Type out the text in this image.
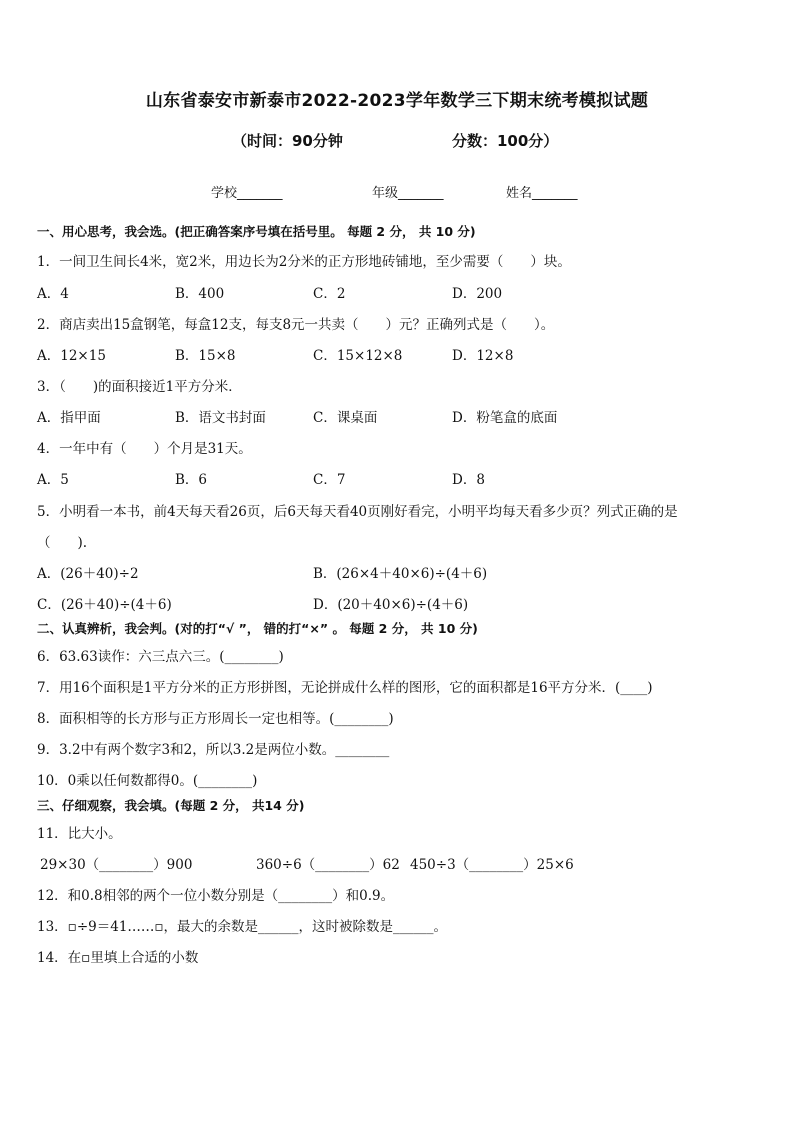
山东省泰安市新泰市2022-2023学年数学三下期末统考模拟试题
（时间：90分钟	分数：100分）
学校_______	年级_______	姓名_______
一、用心思考，我会选。(把正确答案序号填在括号里。 每题 2 分， 共 10 分)
1．一间卫生间长4米，宽2米，用边长为2分米的正方形地砖铺地，至少需要（　　）块。
A．4	B．400	C．2	D．200
2．商店卖出15盒钢笔，每盒12支，每支8元一共卖（　　）元？正确列式是（　　）。
A．12×15	B．15×8	C．15×12×8	D．12×8
3．（　　)的面积接近1平方分米．
A．指甲面	B．语文书封面	C．课桌面	D．粉笔盒的底面
4．一年中有（　　）个月是31天。
A．5	B．6	C．7	D．8
5．小明看一本书，前4天每天看26页，后6天每天看40页刚好看完，小明平均每天看多少页？列式正确的是
（　　).
A．(26＋40)÷2	B．(26×4＋40×6)÷(4＋6)
C．(26＋40)÷(4＋6)	D．(20＋40×6)÷(4＋6)
二、认真辨析，我会判。(对的打“√ ”， 错的打“×” 。 每题 2 分， 共 10 分)
6．63.63读作：六三点六三。(________)
7．用16个面积是1平方分米的正方形拼图，无论拼成什么样的图形，它的面积都是16平方分米．(____)
8．面积相等的长方形与正方形周长一定也相等。(________)
9．3.2中有两个数字3和2，所以3.2是两位小数。________
10．0乘以任何数都得0。(________)
三、仔细观察，我会填。(每题 2 分， 共14 分)
11．比大小。
29×30（________）900	360÷6（________）62 450÷3（________）25×6
12．和0.8相邻的两个一位小数分别是（________）和0.9。
13．▫÷9＝41……▫，最大的余数是______，这时被除数是______。
14．在▫里填上合适的小数
